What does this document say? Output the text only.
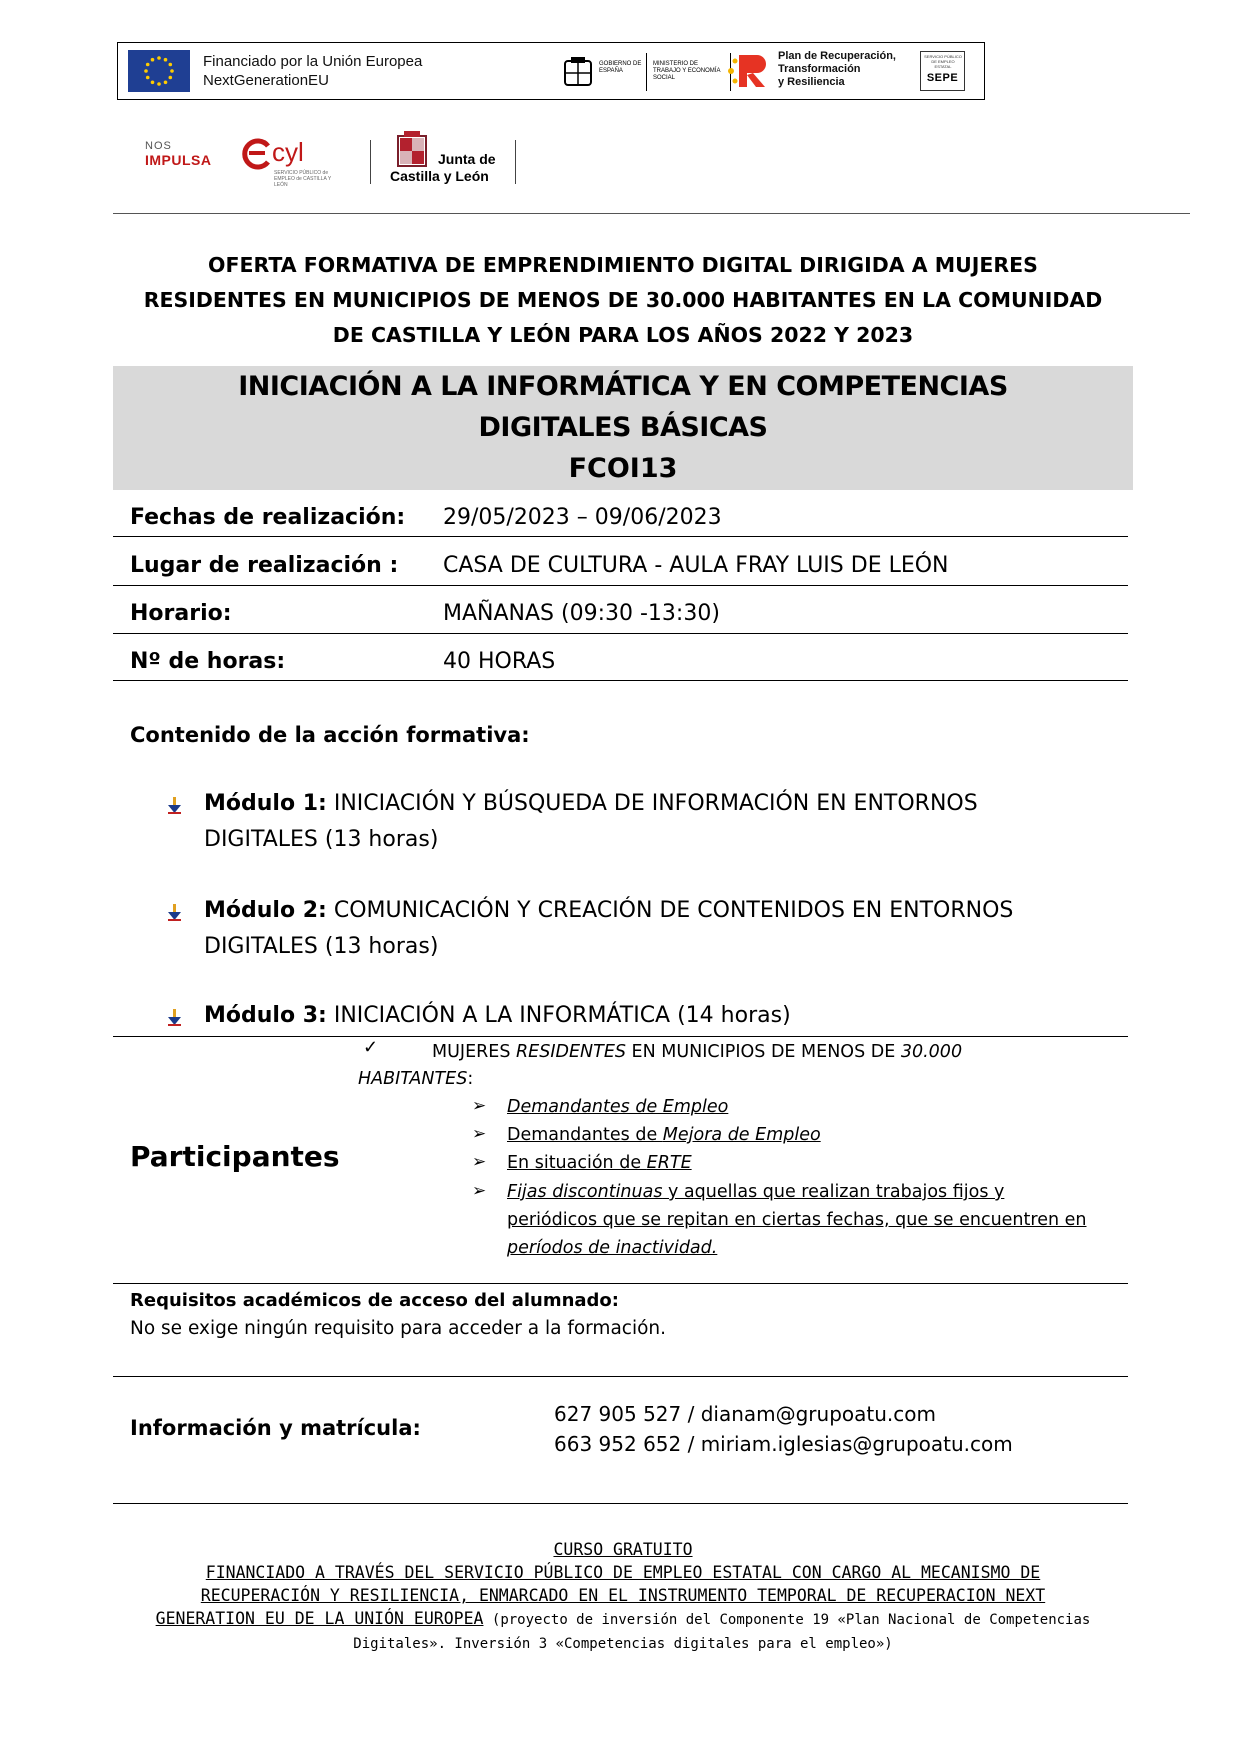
Financiado por la Unión Europea
NextGenerationEU
GOBIERNO DE ESPAÑA
MINISTERIO DE TRABAJO Y ECONOMÍA SOCIAL
Plan de Recuperación,
Transformación
y Resiliencia
SERVICIO PÚBLICO DE EMPLEO ESTATAL
SEPE
NOS
IMPULSA cyl
SERVICIO PÚBLICO de EMPLEO de CASTILLA Y LEÓN
Junta de
Castilla y León
OFERTA FORMATIVA DE EMPRENDIMIENTO DIGITAL DIRIGIDA A MUJERES
RESIDENTES EN MUNICIPIOS DE MENOS DE 30.000 HABITANTES EN LA COMUNIDAD
DE CASTILLA Y LEÓN PARA LOS AÑOS 2022 Y 2023
INICIACIÓN A LA INFORMÁTICA Y EN COMPETENCIAS
DIGITALES BÁSICAS
FCOI13
Fechas de realización: 29/05/2023 – 09/06/2023
Lugar de realización : CASA DE CULTURA - AULA FRAY LUIS DE LEÓN
Horario:	MAÑANAS (09:30 -13:30)
Nº de horas:	40 HORAS
Contenido de la acción formativa:
Módulo 1: INICIACIÓN Y BÚSQUEDA DE INFORMACIÓN EN ENTORNOS
DIGITALES (13 horas)
Módulo 2: COMUNICACIÓN Y CREACIÓN DE CONTENIDOS EN ENTORNOS
DIGITALES (13 horas)
Módulo 3: INICIACIÓN A LA INFORMÁTICA (14 horas)
Participantes
✓	MUJERES RESIDENTES EN MUNICIPIOS DE MENOS DE 30.000
HABITANTES:
➢ Demandantes de Empleo
➢ Demandantes de Mejora de Empleo
➢ En situación de ERTE
➢ Fijas discontinuas y aquellas que realizan trabajos fijos y
periódicos que se repitan en ciertas fechas, que se encuentren en
períodos de inactividad.
Requisitos académicos de acceso del alumnado:
No se exige ningún requisito para acceder a la formación.
Información y matrícula:
627 905 527 / dianam@grupoatu.com
663 952 652 / miriam.iglesias@grupoatu.com
CURSO GRATUITO
FINANCIADO A TRAVÉS DEL SERVICIO PÚBLICO DE EMPLEO ESTATAL CON CARGO AL MECANISMO DE
RECUPERACIÓN Y RESILIENCIA, ENMARCADO EN EL INSTRUMENTO TEMPORAL DE RECUPERACION NEXT
GENERATION EU DE LA UNIÓN EUROPEA (proyecto de inversión del Componente 19 «Plan Nacional de Competencias
Digitales». Inversión 3 «Competencias digitales para el empleo»)
